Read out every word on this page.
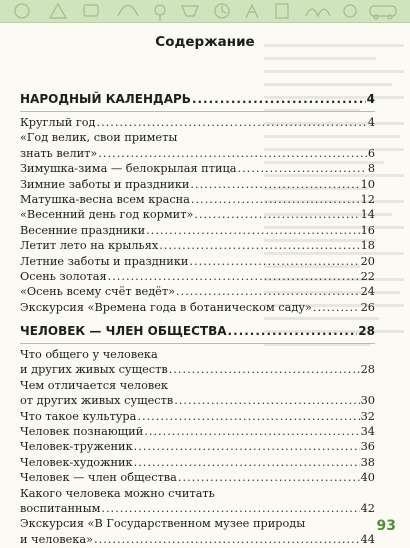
Содержание
НАРОДНЫЙ КАЛЕНДАРЬ .....	4
Круглый год .....	4
«Год велик, свои приметы
знать велит» .....	6
Зимушка-зима — белокрылая птица .....	8
Зимние заботы и праздники .....	10
Матушка-весна всем красна .....	12
«Весенний день год кормит» .....	14
Весенние праздники .....	16
Летит лето на крыльях .....	18
Летние заботы и праздники .....	20
Осень золотая .....	22
«Осень всему счёт ведёт» .....	24
Экскурсия «Времена года в ботаническом саду» .....	26
ЧЕЛОВЕК — ЧЛЕН ОБЩЕСТВА .....	28
Что общего у человека
и других живых существ .....	28
Чем отличается человек
от других живых существ .....	30
Что такое культура .....	32
Человек познающий .....	34
Человек-труженик .....	36
Человек-художник .....	38
Человек — член общества .....	40
Какого человека можно считать
воспитанным .....	42
Экскурсия «В Государственном музее природы
и человека» .....	44
93
